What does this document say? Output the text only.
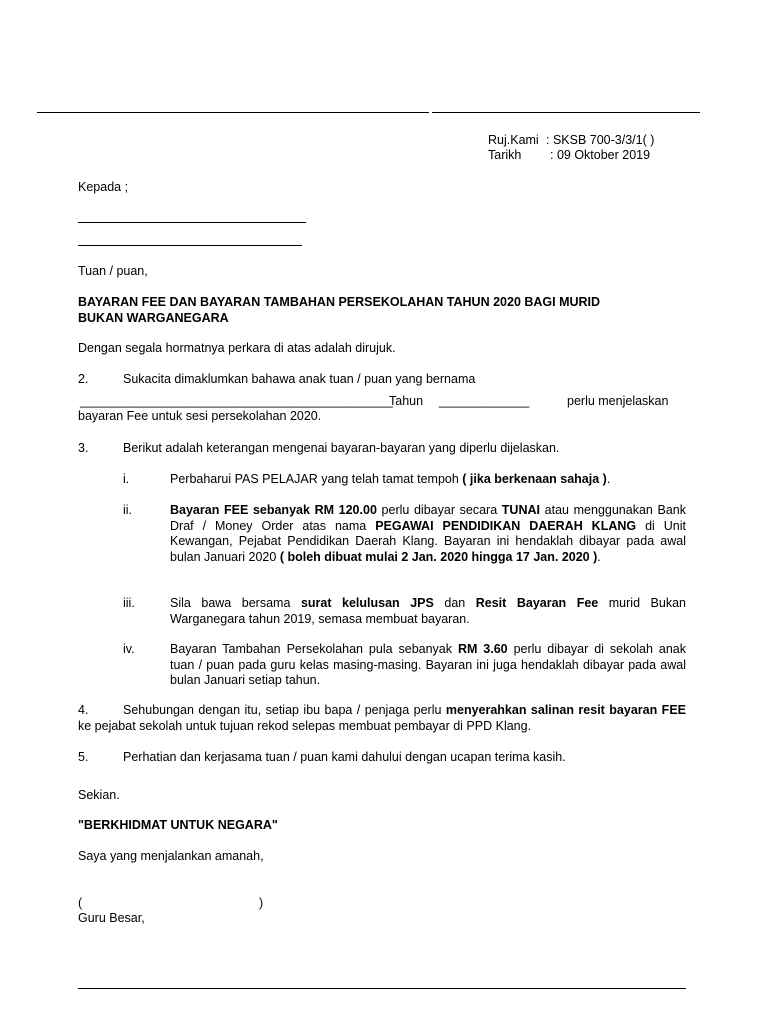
Ruj.Kami : SKSB 700-3/3/1( )
Tarikh : 09 Oktober 2019
Kepada ;
Tuan / puan,
BAYARAN FEE DAN BAYARAN TAMBAHAN PERSEKOLAHAN TAHUN 2020 BAGI MURID
BUKAN WARGANEGARA
Dengan segala hormatnya perkara di atas adalah dirujuk.
2.	Sukacita dimaklumkan bahawa anak tuan / puan yang bernama
_____________________________________________
Tahun _____________	perlu menjelaskan
bayaran Fee untuk sesi persekolahan 2020.
3.	Berikut adalah keterangan mengenai bayaran-bayaran yang diperlu dijelaskan.
i.	Perbaharui PAS PELAJAR yang telah tamat tempoh ( jika berkenaan sahaja ).
ii.	Bayaran FEE sebanyak RM 120.00 perlu dibayar secara TUNAI atau menggunakan Bank Draf / Money Order atas nama PEGAWAI PENDIDIKAN DAERAH KLANG di Unit Kewangan, Pejabat Pendidikan Daerah Klang. Bayaran ini hendaklah dibayar pada awal bulan Januari 2020 ( boleh dibuat mulai 2 Jan. 2020 hingga 17 Jan. 2020 ).
iii.	Sila bawa bersama surat kelulusan JPS dan Resit Bayaran Fee murid Bukan Warganegara tahun 2019, semasa membuat bayaran.
iv.	Bayaran Tambahan Persekolahan pula sebanyak RM 3.60 perlu dibayar di sekolah anak tuan / puan pada guru kelas masing-masing. Bayaran ini juga hendaklah dibayar pada awal bulan Januari setiap tahun.
4.	Sehubungan dengan itu, setiap ibu bapa / penjaga perlu menyerahkan salinan resit bayaran FEE ke pejabat sekolah untuk tujuan rekod selepas membuat pembayar di PPD Klang.
5.	Perhatian dan kerjasama tuan / puan kami dahului dengan ucapan terima kasih.
Sekian.
"BERKHIDMAT UNTUK NEGARA"
Saya yang menjalankan amanah,
(	)
Guru Besar,
